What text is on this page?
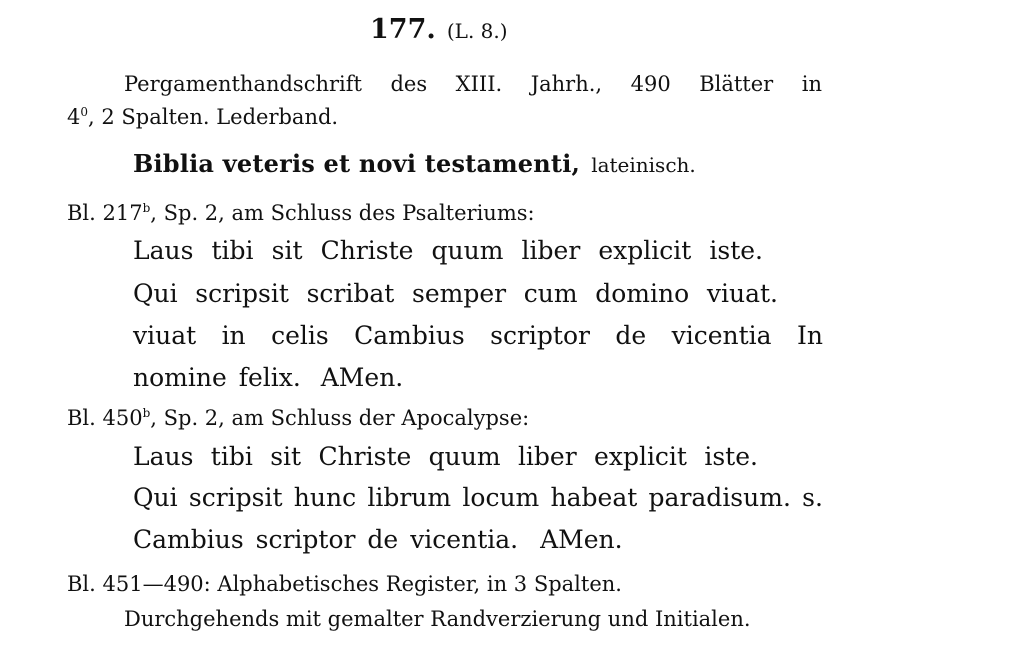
177. (L. 8.)
Pergamenthandschrift des XIII. Jahrh., 490 Blätter in
$4^0$, 2 Spalten. Lederband.
Biblia veteris et novi testamenti, lateinisch.
Bl. 217$^b$, Sp. 2, am Schluss des Psalteriums:
Laus tibi sit Christe quum liber explicit iste.
Qui scripsit scribat semper cum domino viuat.
viuat in celis Cambius scriptor de vicentia In
nomine felix. AMen.
Bl. 450$^b$, Sp. 2, am Schluss der Apocalypse:
Laus tibi sit Christe quum liber explicit iste.
Qui scripsit hunc librum locum habeat paradisum. s.
Cambius scriptor de vicentia. AMen.
Bl. 451—490: Alphabetisches Register, in 3 Spalten.
Durchgehends mit gemalter Randverzierung und Initialen.
